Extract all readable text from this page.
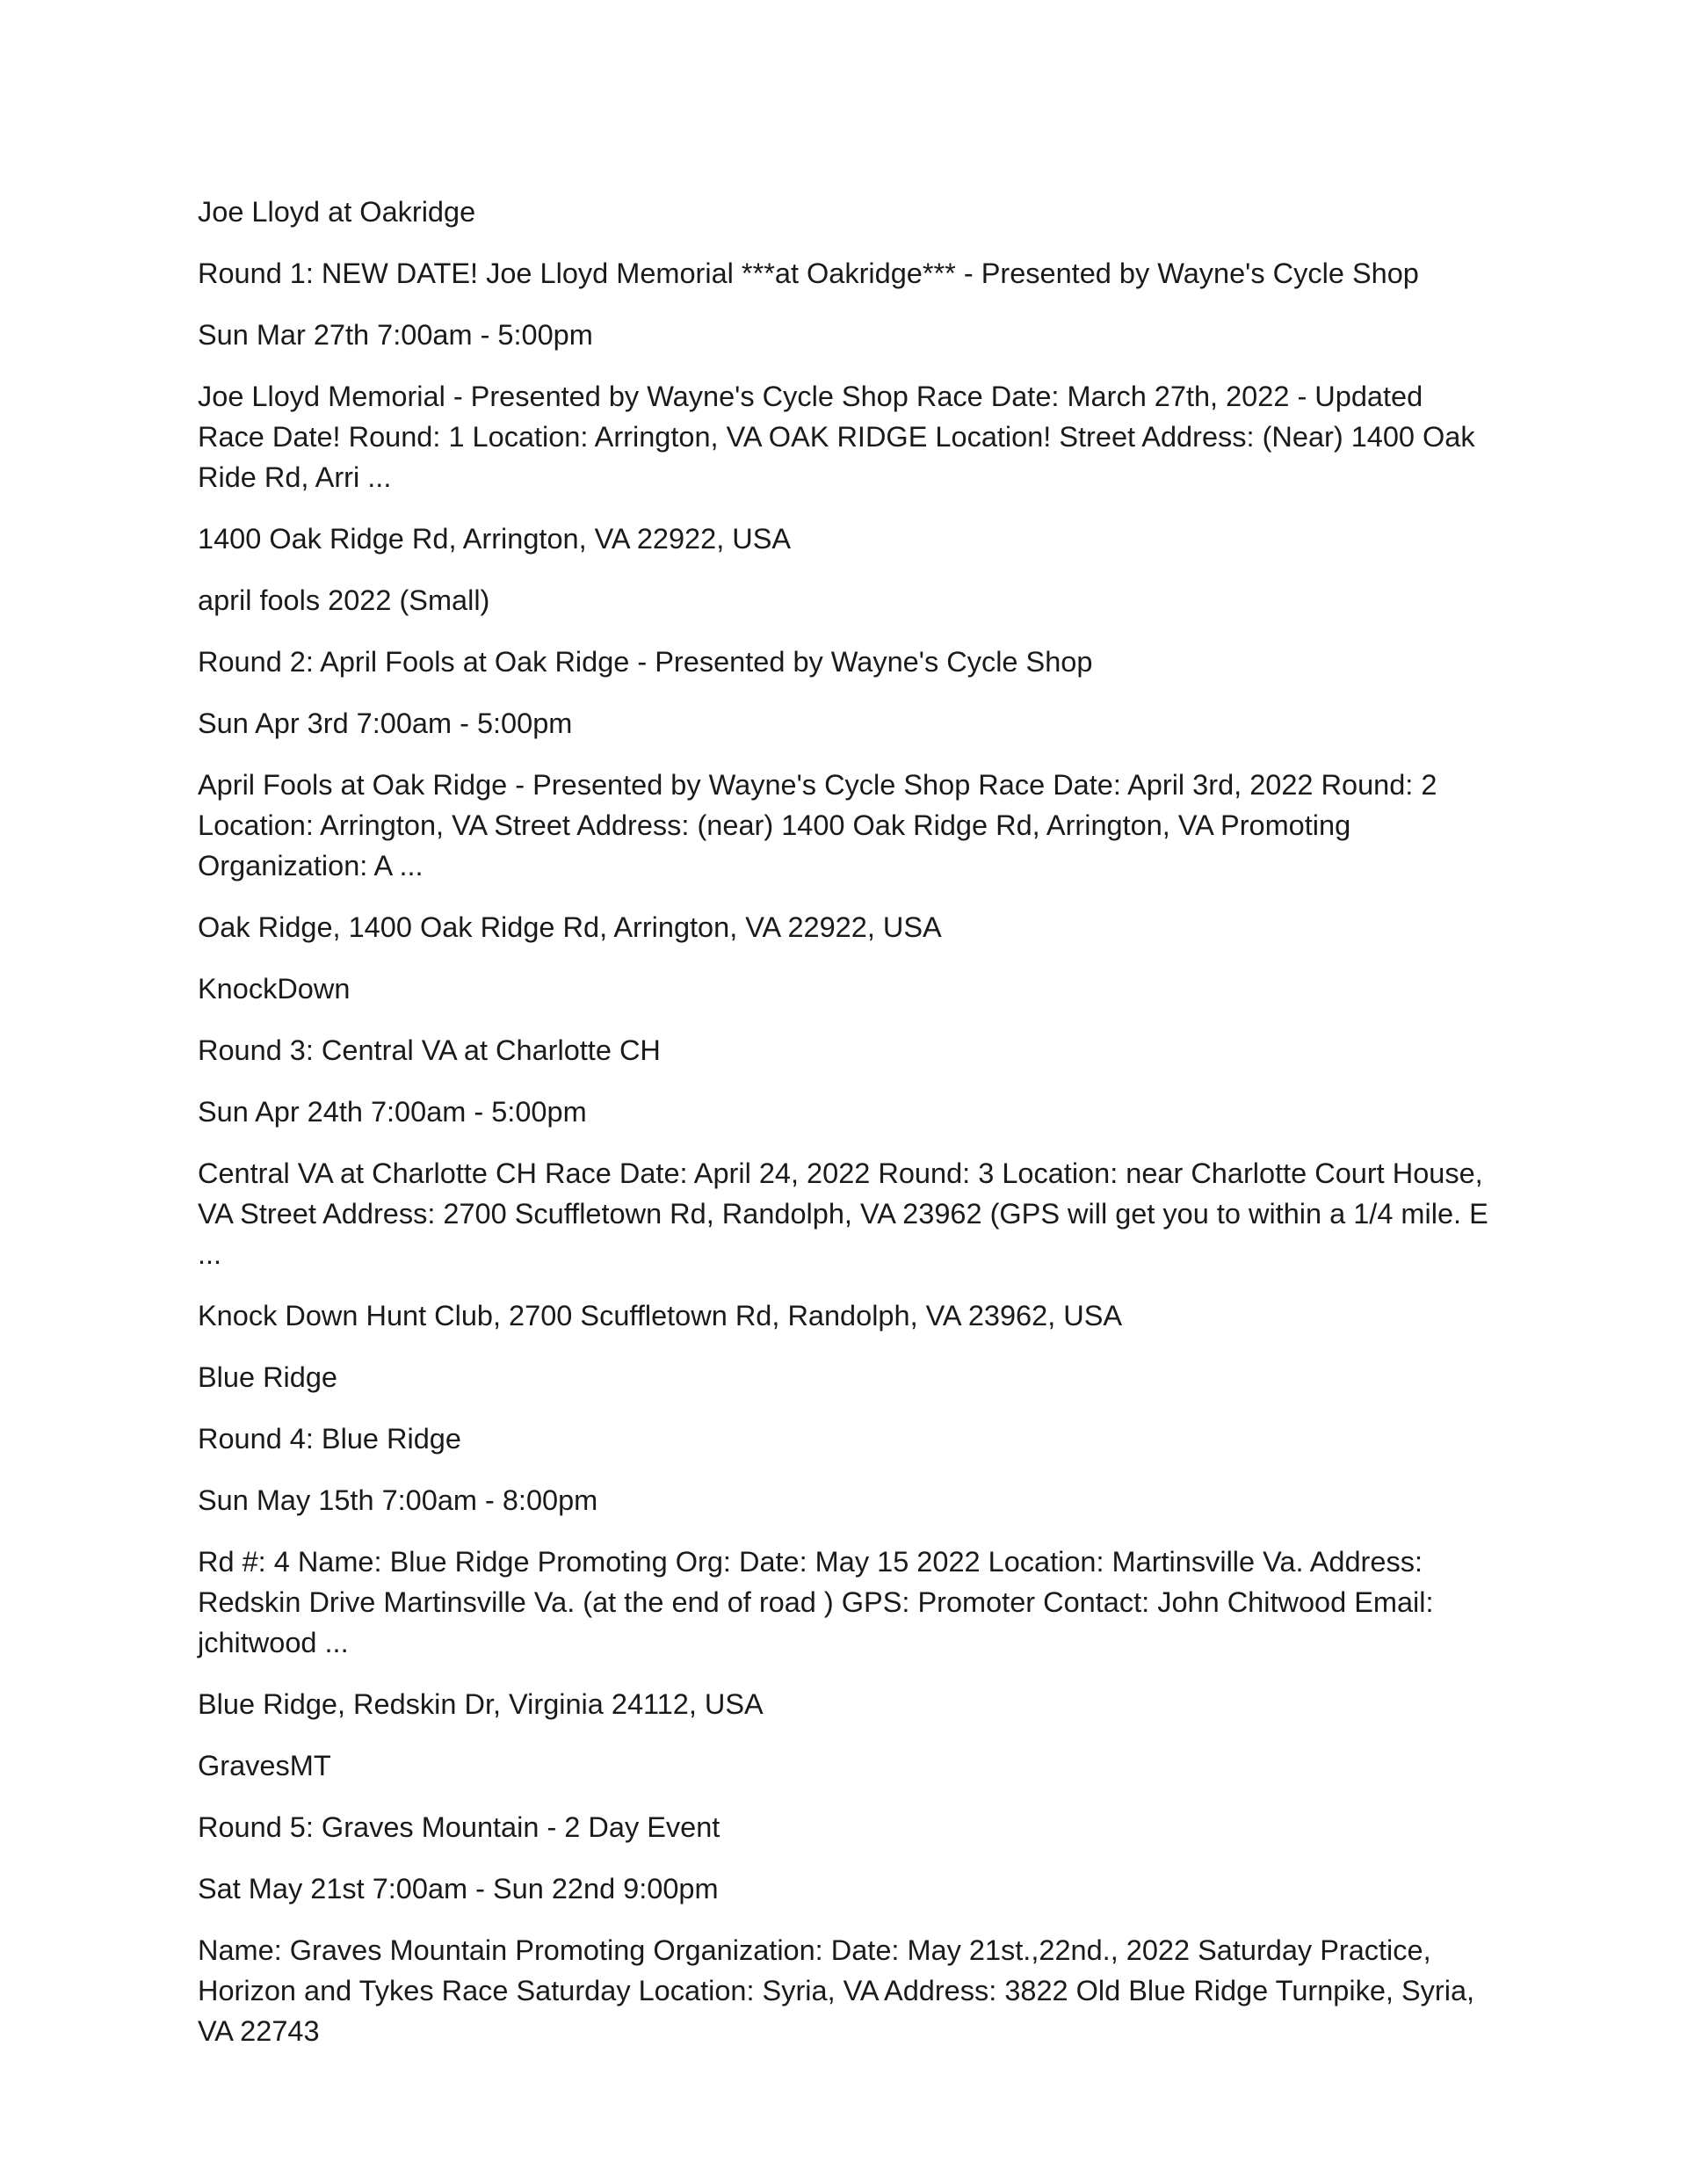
Joe Lloyd at Oakridge

Round 1: NEW DATE! Joe Lloyd Memorial ***at Oakridge*** - Presented by Wayne's Cycle Shop

Sun Mar 27th 7:00am - 5:00pm

Joe Lloyd Memorial - Presented by Wayne's Cycle Shop Race Date: March 27th, 2022 - Updated Race Date! Round: 1 Location: Arrington, VA OAK RIDGE Location! Street Address: (Near) 1400 Oak Ride Rd, Arri ...

1400 Oak Ridge Rd, Arrington, VA 22922, USA

april fools 2022 (Small)

Round 2: April Fools at Oak Ridge - Presented by Wayne's Cycle Shop

Sun Apr 3rd 7:00am - 5:00pm

April Fools at Oak Ridge - Presented by Wayne's Cycle Shop Race Date: April 3rd, 2022 Round: 2 Location: Arrington, VA Street Address: (near) 1400 Oak Ridge Rd, Arrington, VA Promoting Organization: A ...

Oak Ridge, 1400 Oak Ridge Rd, Arrington, VA 22922, USA

KnockDown

Round 3: Central VA at Charlotte CH

Sun Apr 24th 7:00am - 5:00pm

Central VA at Charlotte CH Race Date: April 24, 2022 Round: 3 Location: near Charlotte Court House, VA Street Address: 2700 Scuffletown Rd, Randolph, VA 23962 (GPS will get you to within a 1/4 mile. E ...

Knock Down Hunt Club, 2700 Scuffletown Rd, Randolph, VA 23962, USA

Blue Ridge

Round 4: Blue Ridge

Sun May 15th 7:00am - 8:00pm

Rd #: 4 Name: Blue Ridge Promoting Org: Date: May 15 2022 Location: Martinsville Va. Address: Redskin Drive Martinsville Va. (at the end of road ) GPS: Promoter Contact: John Chitwood Email: jchitwood ...

Blue Ridge, Redskin Dr, Virginia 24112, USA

GravesMT

Round 5: Graves Mountain - 2 Day Event

Sat May 21st 7:00am - Sun 22nd 9:00pm

Name: Graves Mountain Promoting Organization: Date: May 21st.,22nd., 2022 Saturday Practice, Horizon and Tykes Race Saturday Location: Syria, VA Address: 3822 Old Blue Ridge Turnpike, Syria, VA 22743
